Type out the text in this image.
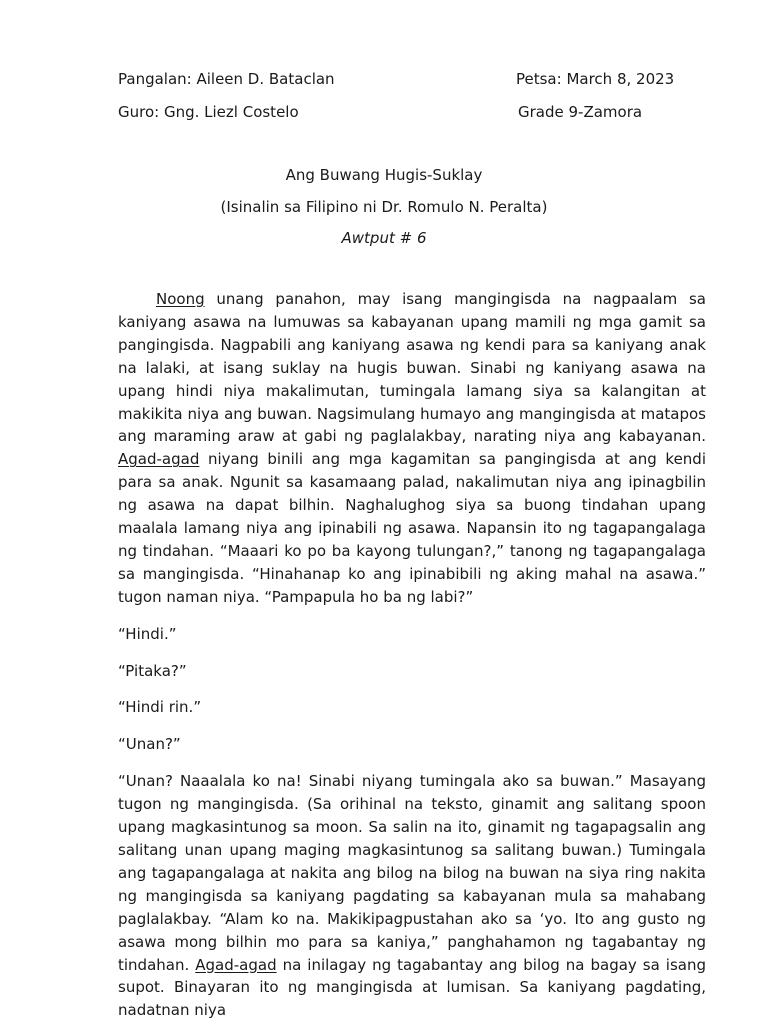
Pangalan: Aileen D. Bataclan	Petsa: March 8, 2023
Guro: Gng. Liezl Costelo	Grade 9-Zamora
Ang Buwang Hugis-Suklay
(Isinalin sa Filipino ni Dr. Romulo N. Peralta)
Awtput # 6

Noong unang panahon, may isang mangingisda na nagpaalam sa kaniyang asawa na lumuwas sa kabayanan upang mamili ng mga gamit sa pangingisda. Nagpabili ang kaniyang asawa ng kendi para sa kaniyang anak na lalaki, at isang suklay na hugis buwan. Sinabi ng kaniyang asawa na upang hindi niya makalimutan, tumingala lamang siya sa kalangitan at makikita niya ang buwan. Nagsimulang humayo ang mangingisda at matapos ang maraming araw at gabi ng paglalakbay, narating niya ang kabayanan. Agad-agad niyang binili ang mga kagamitan sa pangingisda at ang kendi para sa anak. Ngunit sa kasamaang palad, nakalimutan niya ang ipinagbilin ng asawa na dapat bilhin. Naghalughog siya sa buong tindahan upang maalala lamang niya ang ipinabili ng asawa. Napansin ito ng tagapangalaga ng tindahan. “Maaari ko po ba kayong tulungan?,” tanong ng tagapangalaga sa mangingisda. “Hinahanap ko ang ipinabibili ng aking mahal na asawa.” tugon naman niya. “Pampapula ho ba ng labi?”

“Hindi.”

“Pitaka?”

“Hindi rin.”

“Unan?”

“Unan? Naaalala ko na! Sinabi niyang tumingala ako sa buwan.” Masayang tugon ng mangingisda. (Sa orihinal na teksto, ginamit ang salitang spoon upang magkasintunog sa moon. Sa salin na ito, ginamit ng tagapagsalin ang salitang unan upang maging magkasintunog sa salitang buwan.) Tumingala ang tagapangalaga at nakita ang bilog na bilog na buwan na siya ring nakita ng mangingisda sa kaniyang pagdating sa kabayanan mula sa mahabang paglalakbay. “Alam ko na. Makikipagpustahan ako sa ‘yo. Ito ang gusto ng asawa mong bilhin mo para sa kaniya,” panghahamon ng tagabantay ng tindahan. Agad-agad na inilagay ng tagabantay ang bilog na bagay sa isang supot. Binayaran ito ng mangingisda at lumisan. Sa kaniyang pagdating, nadatnan niya
